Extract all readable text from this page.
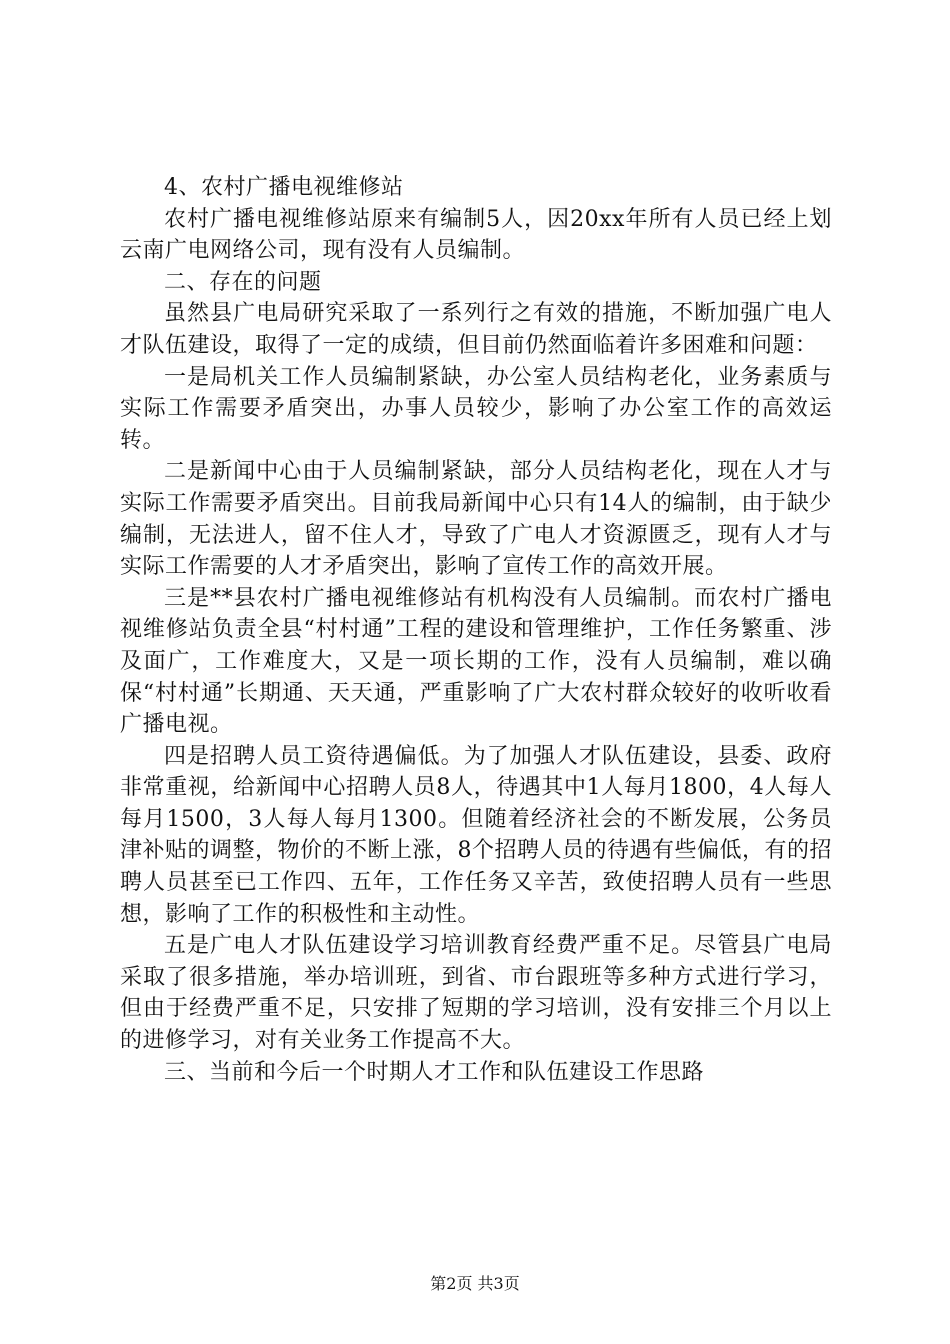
4、农村广播电视维修站

农村广播电视维修站原来有编制5人，因20xx年所有人员已经上划云南广电网络公司，现有没有人员编制。

二、存在的问题

虽然县广电局研究采取了一系列行之有效的措施，不断加强广电人才队伍建设，取得了一定的成绩，但目前仍然面临着许多困难和问题：

一是局机关工作人员编制紧缺，办公室人员结构老化，业务素质与实际工作需要矛盾突出，办事人员较少，影响了办公室工作的高效运转。

二是新闻中心由于人员编制紧缺，部分人员结构老化，现在人才与实际工作需要矛盾突出。目前我局新闻中心只有14人的编制，由于缺少编制，无法进人，留不住人才，导致了广电人才资源匮乏，现有人才与实际工作需要的人才矛盾突出，影响了宣传工作的高效开展。

三是**县农村广播电视维修站有机构没有人员编制。而农村广播电视维修站负责全县“村村通”工程的建设和管理维护，工作任务繁重、涉及面广，工作难度大，又是一项长期的工作，没有人员编制，难以确保“村村通”长期通、天天通，严重影响了广大农村群众较好的收听收看广播电视。

四是招聘人员工资待遇偏低。为了加强人才队伍建设，县委、政府非常重视，给新闻中心招聘人员8人，待遇其中1人每月1800，4人每人每月1500，3人每人每月1300。但随着经济社会的不断发展，公务员津补贴的调整，物价的不断上涨，8个招聘人员的待遇有些偏低，有的招聘人员甚至已工作四、五年，工作任务又辛苦，致使招聘人员有一些思想，影响了工作的积极性和主动性。

五是广电人才队伍建设学习培训教育经费严重不足。尽管县广电局采取了很多措施，举办培训班，到省、市台跟班等多种方式进行学习，但由于经费严重不足，只安排了短期的学习培训，没有安排三个月以上的进修学习，对有关业务工作提高不大。

三、当前和今后一个时期人才工作和队伍建设工作思路

第2页 共3页
